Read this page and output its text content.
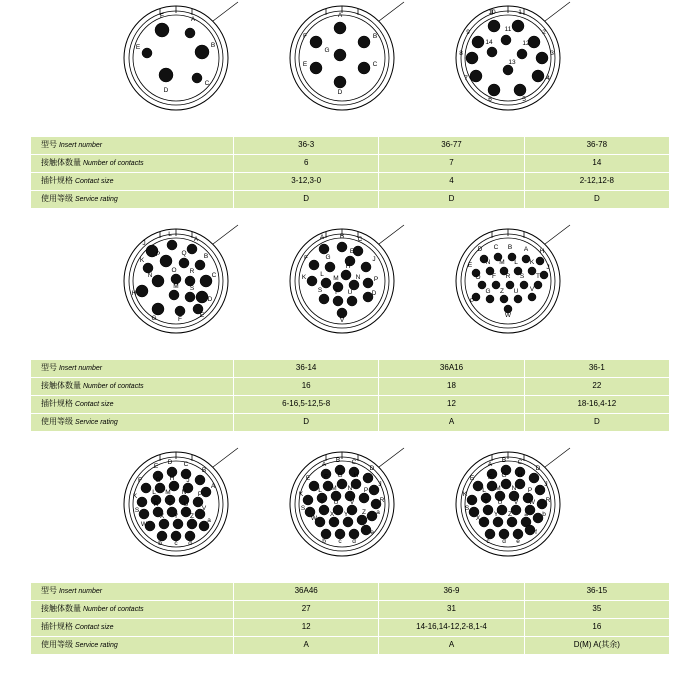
F	A
E	B
D
C
A
F	B
G
E	C
D
10	1
9	11	2
8
14	12
3
7
13
4
6	5
型号 Insert number	36-3	36-77	36-78
接触体数量 Number of contacts	6	7	14
插针规格 Contact size	3-12,3-0	4	2-12,12-8
使用等级 Service rating	D	D	D
J
L
A
P
K
B
Q
N
O R
C
H
M S
D
G	F
E
A B C
E
F	G
H
J
K L
M	N P
S T U	D
V
D C B A H
E N M L K
J
O F R S T
P
G Z U V
W
型号 Insert number	36-14	36A16	36-1
接触体数量 Number of contacts	16	18	22
插针规格 Contact size	6-16,5-12,5-8	12	18-16,4-12
使用等级 Service rating	D	A	D
E
D C
B
F G H J
A
K
L M N P
S
R T U
V
W
X Y Z
a
b c d
A
B C
D
E F G H
J
K
L M N P
R
S
T U V
W
X Y Z a
b c d
e
A
B C
D
E F G H
J
K
L M N P
R
S
T U V W
X
Y Z a b
c d e
f
型号 Insert number	36A46	36-9	36-15
接触体数量 Number of contacts	27	31	35
插针规格 Contact size	12	14-16,14-12,2-8,1-4	16
使用等级 Service rating	A	A	D(M) A(其余)
